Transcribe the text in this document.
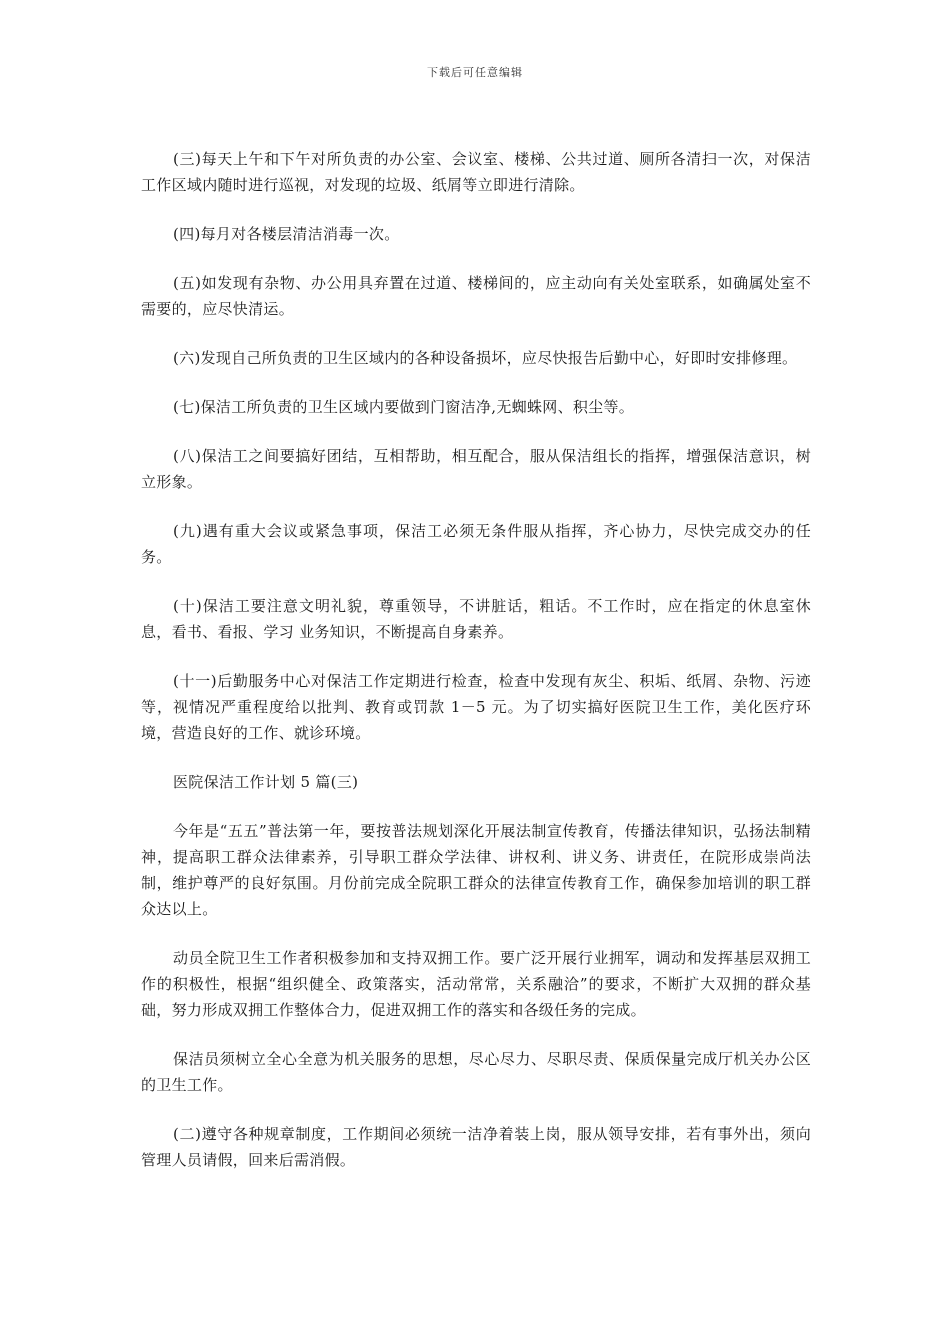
下载后可任意编辑

(三)每天上午和下午对所负责的办公室、会议室、楼梯、公共过道、厕所各清扫一次，对保洁工作区域内随时进行巡视，对发现的垃圾、纸屑等立即进行清除。

(四)每月对各楼层清洁消毒一次。

(五)如发现有杂物、办公用具弃置在过道、楼梯间的，应主动向有关处室联系，如确属处室不需要的，应尽快清运。

(六)发现自己所负责的卫生区域内的各种设备损坏，应尽快报告后勤中心，好即时安排修理。

(七)保洁工所负责的卫生区域内要做到门窗洁净,无蜘蛛网、积尘等。

(八)保洁工之间要搞好团结，互相帮助，相互配合，服从保洁组长的指挥，增强保洁意识，树立形象。

(九)遇有重大会议或紧急事项，保洁工必须无条件服从指挥，齐心协力，尽快完成交办的任务。

(十)保洁工要注意文明礼貌，尊重领导，不讲脏话，粗话。不工作时，应在指定的休息室休息，看书、看报、学习 业务知识，不断提高自身素养。

(十一)后勤服务中心对保洁工作定期进行检查，检查中发现有灰尘、积垢、纸屑、杂物、污迹等，视情况严重程度给以批判、教育或罚款 1－5 元。为了切实搞好医院卫生工作，美化医疗环境，营造良好的工作、就诊环境。

医院保洁工作计划 5 篇(三)

今年是“五五”普法第一年，要按普法规划深化开展法制宣传教育，传播法律知识，弘扬法制精神，提高职工群众法律素养，引导职工群众学法律、讲权利、讲义务、讲责任，在院形成崇尚法制，维护尊严的良好氛围。月份前完成全院职工群众的法律宣传教育工作，确保参加培训的职工群众达以上。

动员全院卫生工作者积极参加和支持双拥工作。要广泛开展行业拥军，调动和发挥基层双拥工作的积极性，根据“组织健全、政策落实，活动常常，关系融洽”的要求，不断扩大双拥的群众基础，努力形成双拥工作整体合力，促进双拥工作的落实和各级任务的完成。

保洁员须树立全心全意为机关服务的思想，尽心尽力、尽职尽责、保质保量完成厅机关办公区的卫生工作。

(二)遵守各种规章制度，工作期间必须统一洁净着装上岗，服从领导安排，若有事外出，须向管理人员请假，回来后需消假。
